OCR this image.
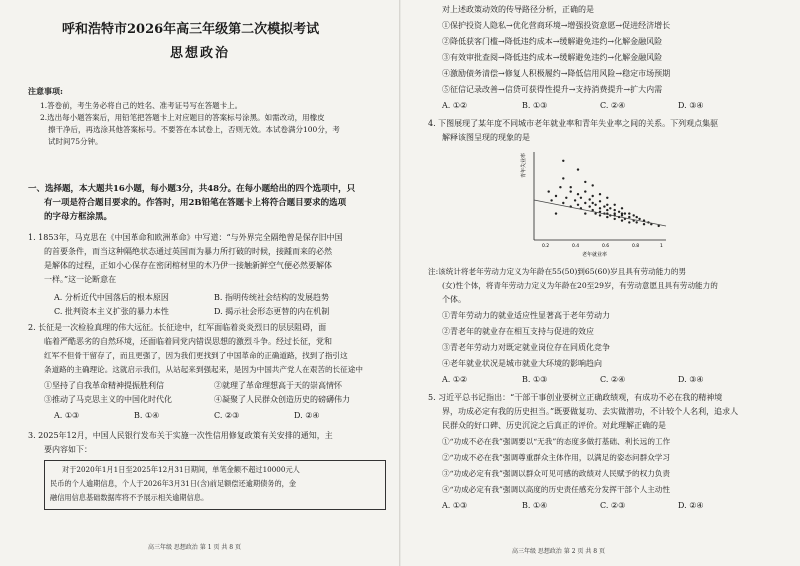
呼和浩特市2026年高三年级第二次模拟考试
思想政治
注意事项:
1.答卷前，考生务必将自己的姓名、准考证号写在答题卡上。
2.选出每小题答案后，用铅笔把答题卡上对应题目的答案标号涂黑。如需改动，用橡皮
擦干净后，再选涂其他答案标号。不要答在本试卷上，否则无效。本试卷满分100分，考
试时间75分钟。
一、选择题，本大题共16小题，每小题3分，共48分。在每小题给出的四个选项中，只
有一项是符合题目要求的。作答时，用2B铅笔在答题卡上将符合题目要求的选项
的字母方框涂黑。
1. 1853年，马克思在《中国革命和欧洲革命》中写道：“与外界完全隔绝曾是保存旧中国
的首要条件，而当这种隔绝状态通过英国而为暴力所打破的时候，接踵而来的必然
是解体的过程，正如小心保存在密闭棺材里的木乃伊一接触新鲜空气便必然要解体
一样。”这一论断意在
A. 分析近代中国落后的根本原因	B. 指明传统社会结构的发展趋势
C. 批判资本主义扩张的暴力本性	D. 揭示社会形态更替的内在机制
2. 长征是一次检验真理的伟大远征。长征途中，红军面临着炎炎烈日的层层阻碍，面
临着严酷恶劣的自然环境，还面临着同党内错误思想的激烈斗争。经过长征，党和
红军不但骨干留存了，而且更强了，因为我们更找到了中国革命的正确道路，找到了指引这
条道路的主确理论。这就启示我们，从站起来到强起来，是因为中国共产党人在艰苦的长征途中
①坚持了自我革命精神提振胜利信	②就理了革命理想高于天的崇高情怀
③推动了马克思主义的中国化时代化	④凝聚了人民群众创造历史的磅礴伟力
A. ①③	B. ①④	C. ②③	D. ②④
3. 2025年12月，中国人民银行发布关于实施一次性信用修复政策有关安排的通知，主
要内容如下：
对于2020年1月1日至2025年12月31日期间，单笔金额不超过10000元人
民币的个人逾期信息，个人于2026年3月31日(含)前足额偿还逾期债务的，金
融信用信息基础数据库将不予展示相关逾期信息。
高三年级 思想政治 第 1 页 共 8 页
对上述政策动效的传导路径分析，正确的是
①保护投资人隐私→优化营商环境→增强投资意愿→促进经济增长
②降低获客门槛→降低违约成本→缓解避免违约→化解金融风险
③有效审批查阅→降低违约成本→缓解避免违约→化解金融风险
④激励债务清偿→修复人积极履约→降低信用风险→稳定市场预期
⑤征信记录改善→信贷可获得性提升→支持消费提升→扩大内需
A. ①②	B. ①③	C. ②④	D. ③④
4. 下图展现了某年度不同城市老年就业率和青年失业率之间的关系。下列观点集驱
解释该图呈现的现象的是
青年失业率
老年就业率
0.2	0.4	0.6	0.8	1
注:该统计将老年劳动力定义为年龄在55(50)到65(60)岁且具有劳动能力的男
(女)性个体，将青年劳动力定义为年龄在20至29岁，有劳动意愿且具有劳动能力的
个体。
①青年劳动力的就业适应性显著高于老年劳动力
②青老年的就业存在相互支持与促进的效应
③青老年劳动力对既定就业岗位存在同质化竞争
④老年就业状况是城市就业大环境的影响趋向
A. ①②	B. ①③	C. ②④	D. ③④
5. 习近平总书记指出：“干部干事创业要树立正确政绩观，有成功不必在我的精神境
界，功成必定有我的历史担当。”既要做复功、去实做潜功，不计较个人名利，追求人
民群众的好口碑、历史沉淀之后真正的评价。对此理解正确的是
①“功成不必在我”强调要以“无我”的态度多做打基础、利长远的工作
②“功成不必在我”强调尊重群众主体作用，以满足的姿态问群众学习
③“功成必定有我”强调以群众可见可感的政绩对人民赋予的权力负责
④“功成必定有我”强调以高度的历史责任感充分发挥干部个人主动性
A. ①③	B. ①④	C. ②③	D. ②④
高三年级 思想政治 第 2 页 共 8 页
